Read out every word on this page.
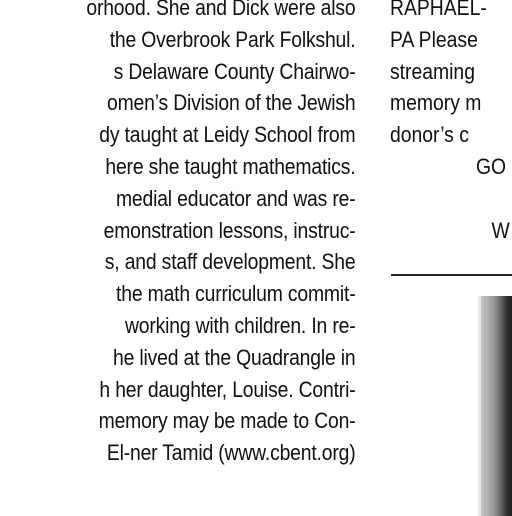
orhood. She and Dick were also
the Overbrook Park Folkshul.
s Delaware County Chairwo-
omen’s Division of the Jewish
dy taught at Leidy School from
here she taught mathematics.
medial educator and was re-
emonstration lessons, instruc-
s, and staff development. She
the math curriculum commit-
working with children. In re-
he lived at the Quadrangle in
h her daughter, Louise. Contri-
memory may be made to Con-
El-ner Tamid (www.cbent.org)
RAPHAEL-
PA Please
streaming
memory m
donor’s c
GO

W
